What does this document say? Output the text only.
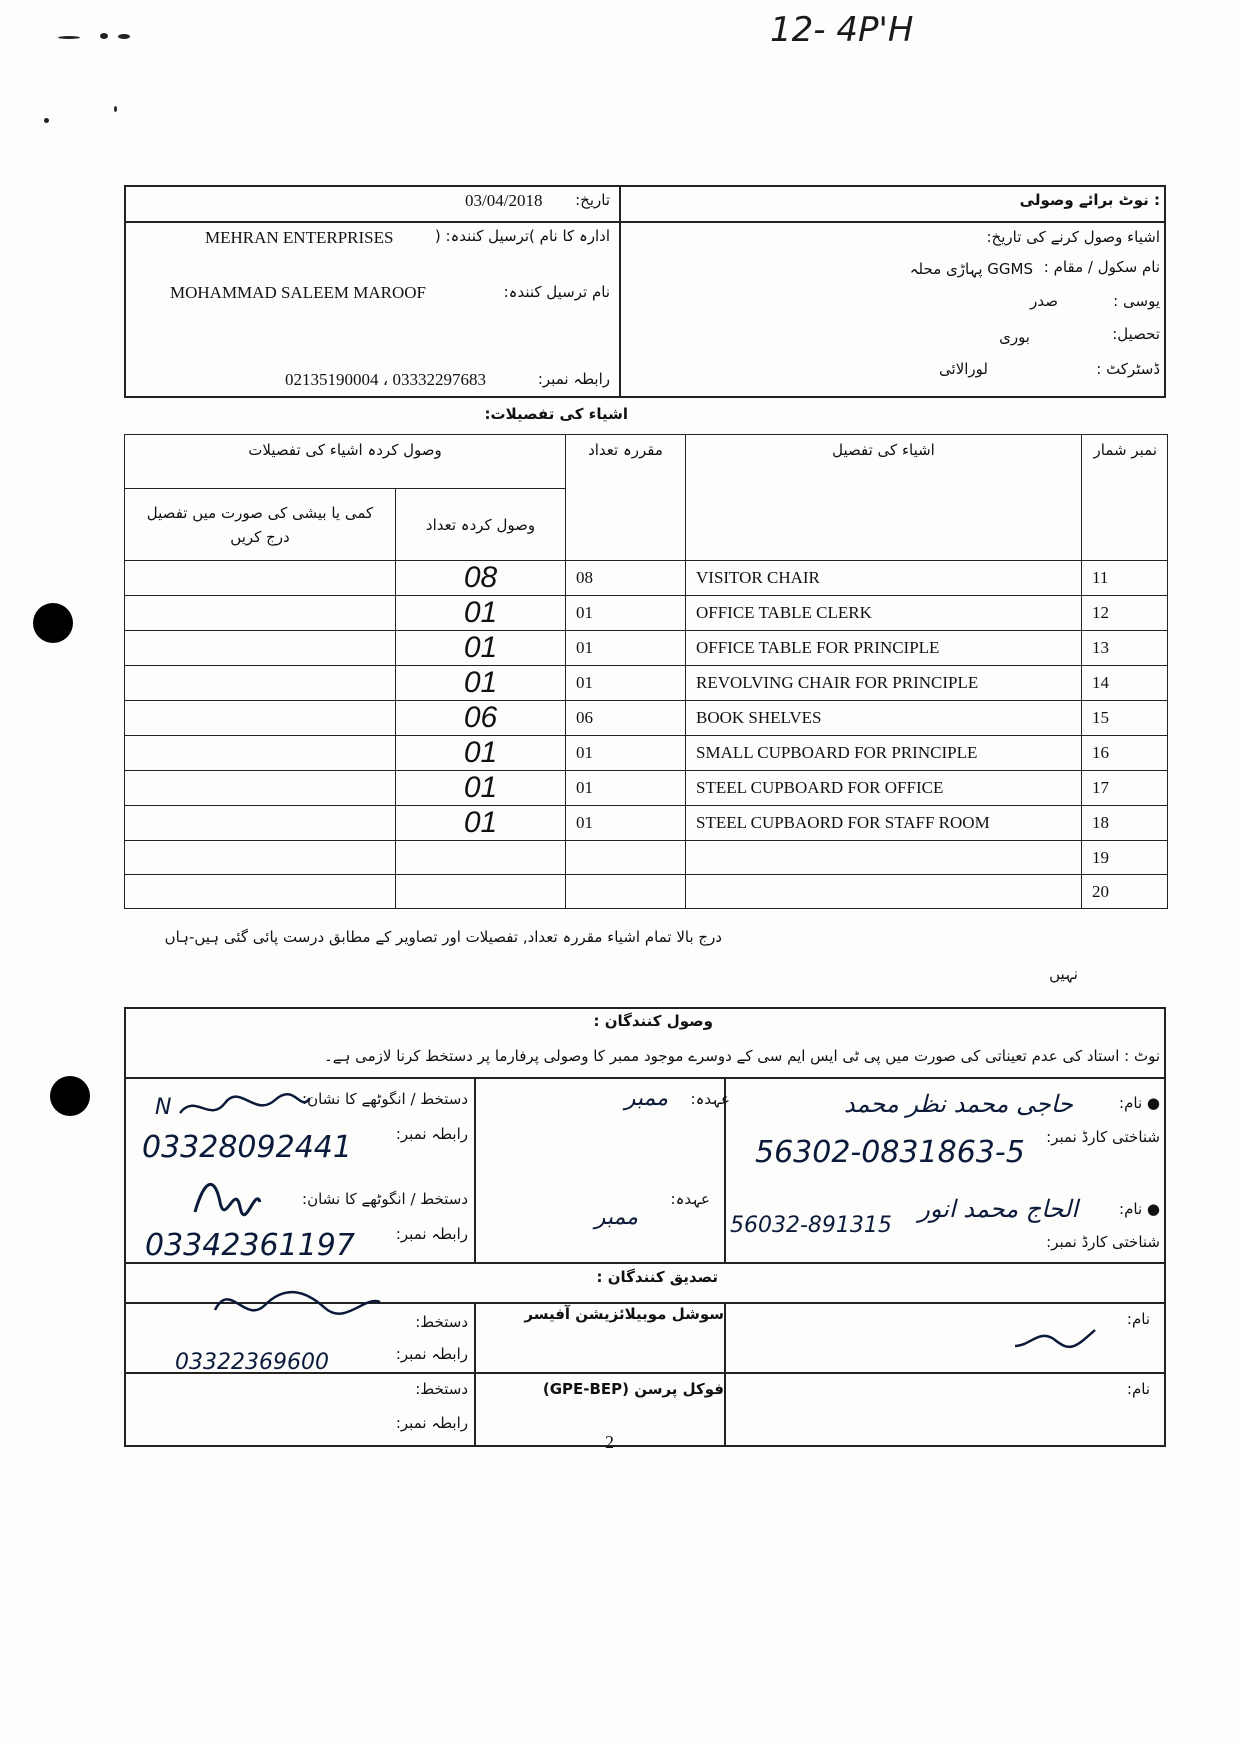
12- 4P'H
: نوٹ برائے وصولی
تاریخ:
03/04/2018
اشیاء وصول کرنے کی تاریخ:
نام سکول / مقام :
GGMS پہاڑی محلہ
یوسی :
صدر
تحصیل:
بوری
ڈسٹرکٹ :
لورالائی
ادارہ کا نام )ترسیل کنندہ: (
MEHRAN ENTERPRISES
نام ترسیل کنندہ:
MOHAMMAD SALEEM MAROOF
رابطہ نمبر:
03332297683 ، 02135190004
اشیاء کی تفصیلات:
نمبر شمار	اشیاء کی تفصیل	مقررہ تعداد	وصول کردہ اشیاء کی تفصیلات	
			وصول کردہ تعداد	کمی یا بیشی کی صورت میں تفصیل درج کریں
11	VISITOR CHAIR	08	08	
12	OFFICE TABLE CLERK	01	01	
13	OFFICE TABLE FOR PRINCIPLE	01	01	
14	REVOLVING CHAIR FOR PRINCIPLE	01	01	
15	BOOK SHELVES	06	06	
16	SMALL CUPBOARD FOR PRINCIPLE	01	01	
17	STEEL CUPBOARD FOR OFFICE	01	01	
18	STEEL CUPBAORD FOR STAFF ROOM	01	01	
19				
20				
درج بالا تمام اشیاء مقررہ تعداد, تفصیلات اور تصاویر کے مطابق درست پائی گئی ہیں-ہاں
نہیں
وصول کنندگان :
نوٹ : استاد کی عدم تعیناتی کی صورت میں پی ٹی ایس ایم سی کے دوسرے موجود ممبر کا وصولی پرفارما پر دستخط کرنا لازمی ہے۔
● نام:
حاجی محمد نظر محمد
شناختی کارڈ نمبر:
56302-0831863-5
عہدہ:
ممبر
دستخط / انگوٹھے کا نشان:
N
رابطہ نمبر:
03328092441
● نام:
الحاج محمد انور
شناختی کارڈ نمبر:
56032-891315
عہدہ:
ممبر
دستخط / انگوٹھے کا نشان:
رابطہ نمبر:
03342361197
تصدیق کنندگان :
نام:
سوشل موبیلائزیشن آفیسر
دستخط:
رابطہ نمبر:
03322369600
نام:
فوکل پرسن (GPE-BEP)
دستخط:
رابطہ نمبر:
2
